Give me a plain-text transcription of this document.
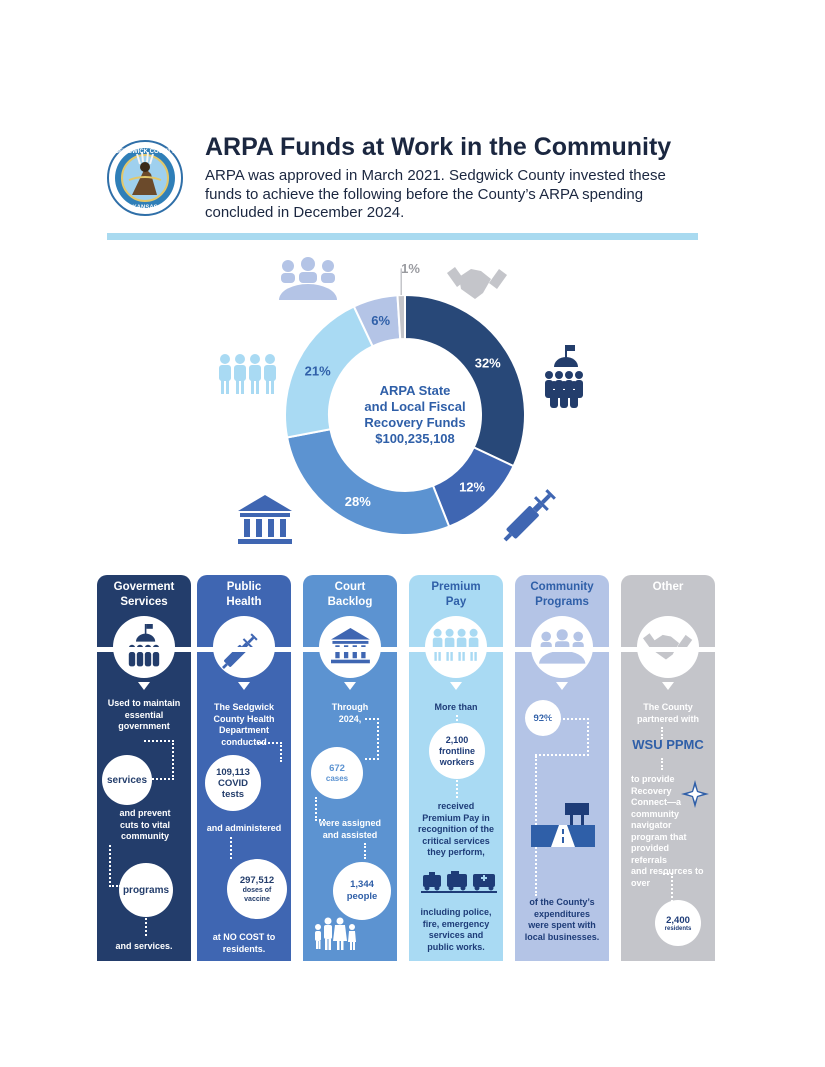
SEDGWICK COUNTY
KANSAS
ARPA Funds at Work in the Community
ARPA was approved in March 2021. Sedgwick County invested these funds to achieve the following before the County’s ARPA spending concluded in December 2024.
32%
12%
28%
21%
6%
1%
ARPA State
and Local Fiscal
Recovery Funds
$100,235,108
Goverment
Services
Used to maintain
essential
government
services
and prevent
cuts to vital
community
programs
and services.
Public
Health
The Sedgwick
County Health
Department
conducted
109,113
COVID
tests
and administered
297,512
doses of
vaccine
at NO COST to
residents.
Court
Backlog
Through
2024,
672
cases
were assigned
and assisted
1,344
people
Premium
Pay
More than
2,100
frontline
workers
received
Premium Pay in
recognition of the
critical services
they perform,
including police,
fire, emergency
services and
public works.
Community
Programs
92%
of the County’s
expenditures
were spent with
local businesses.
Other
The County
partnered with
WSU PPMC
to provide
Recovery
Connect—a
community
navigator
program that
provided referrals
and resources to
over
2,400
residents
